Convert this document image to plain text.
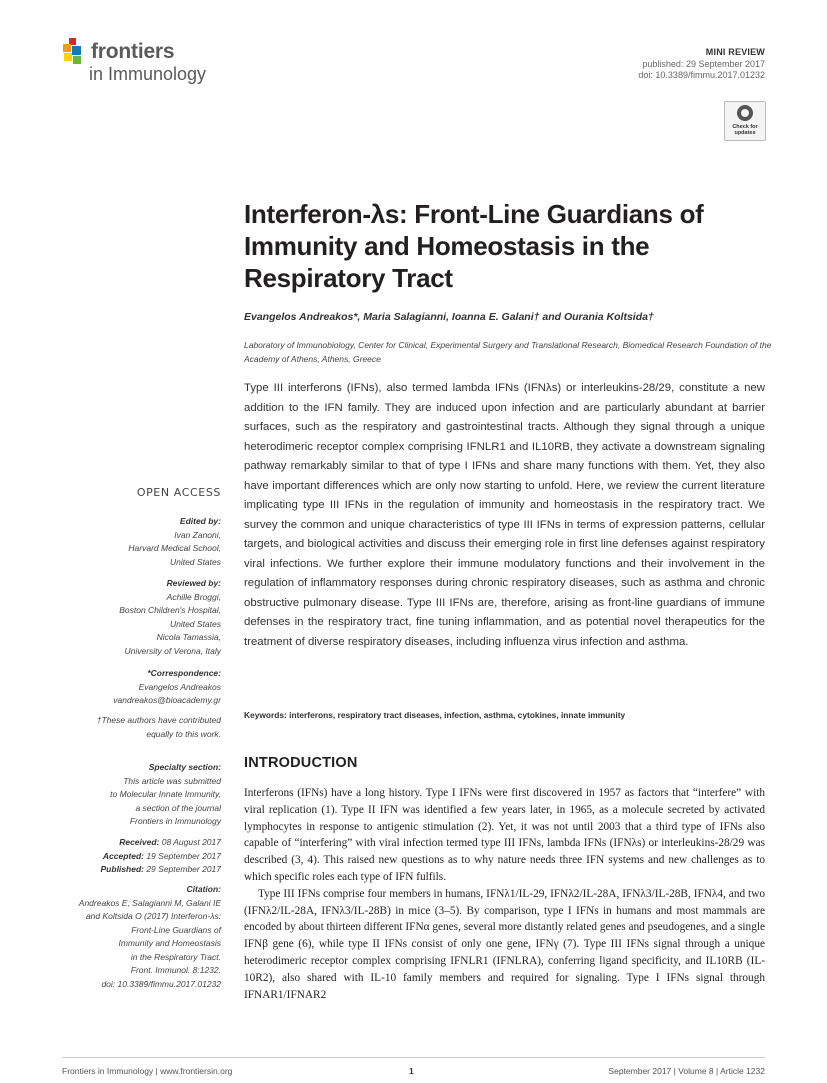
frontiers
in Immunology
MINI REVIEW
published: 29 September 2017
doi: 10.3389/fimmu.2017.01232
Check for
updates
Interferon-λs: Front-Line Guardians of Immunity and Homeostasis in the Respiratory Tract
Evangelos Andreakos*, Maria Salagianni, Ioanna E. Galani† and Ourania Koltsida†
Laboratory of Immunobiology, Center for Clinical, Experimental Surgery and Translational Research, Biomedical Research Foundation of the Academy of Athens, Athens, Greece
Type III interferons (IFNs), also termed lambda IFNs (IFNλs) or interleukins-28/29, constitute a new addition to the IFN family. They are induced upon infection and are particularly abundant at barrier surfaces, such as the respiratory and gastrointestinal tracts. Although they signal through a unique heterodimeric receptor complex comprising IFNLR1 and IL10RB, they activate a downstream signaling pathway remarkably similar to that of type I IFNs and share many functions with them. Yet, they also have important differences which are only now starting to unfold. Here, we review the current literature implicating type III IFNs in the regulation of immunity and homeostasis in the respiratory tract. We survey the common and unique characteristics of type III IFNs in terms of expression patterns, cellular targets, and biological activities and discuss their emerging role in first line defenses against respiratory viral infections. We further explore their immune modulatory functions and their involvement in the regulation of inflammatory responses during chronic respiratory diseases, such as asthma and chronic obstructive pulmonary disease. Type III IFNs are, therefore, arising as front-line guardians of immune defenses in the respiratory tract, fine tuning inflammation, and as potential novel therapeutics for the treatment of diverse respiratory diseases, including influenza virus infection and asthma.
Keywords: interferons, respiratory tract diseases, infection, asthma, cytokines, innate immunity
OPEN ACCESS
Edited by:
Ivan Zanoni,
Harvard Medical School,
United States
Reviewed by:
Achille Broggi,
Boston Children's Hospital,
United States
Nicola Tamassia,
University of Verona, Italy
*Correspondence:
Evangelos Andreakos
vandreakos@bioacademy.gr
†These authors have contributed
equally to this work.
Specialty section:
This article was submitted
to Molecular Innate Immunity,
a section of the journal
Frontiers in Immunology
Received: 08 August 2017
Accepted: 19 September 2017
Published: 29 September 2017
Citation:
Andreakos E, Salagianni M, Galani IE
and Koltsida O (2017) Interferon-λs:
Front-Line Guardians of
Immunity and Homeostasis
in the Respiratory Tract.
Front. Immunol. 8:1232.
doi: 10.3389/fimmu.2017.01232
INTRODUCTION

Interferons (IFNs) have a long history. Type I IFNs were first discovered in 1957 as factors that “interfere” with viral replication (1). Type II IFN was identified a few years later, in 1965, as a molecule secreted by activated lymphocytes in response to antigenic stimulation (2). Yet, it was not until 2003 that a third type of IFNs also capable of “interfering” with viral infection termed type III IFNs, lambda IFNs (IFNλs) or interleukins-28/29 was described (3, 4). This raised new questions as to why nature needs three IFN systems and new challenges as to which specific roles each type of IFN fulfils.

Type III IFNs comprise four members in humans, IFNλ1/IL-29, IFNλ2/IL-28A, IFNλ3/IL-28B, IFNλ4, and two (IFNλ2/IL-28A, IFNλ3/IL-28B) in mice (3–5). By comparison, type I IFNs in humans and most mammals are encoded by about thirteen different IFNα genes, several more distantly related genes and pseudogenes, and a single IFNβ gene (6), while type II IFNs consist of only one gene, IFNγ (7). Type III IFNs signal through a unique heterodimeric receptor complex comprising IFNLR1 (IFNLRA), conferring ligand specificity, and IL10RB (IL-10R2), also shared with IL-10 family members and required for signaling. Type I IFNs signal through IFNAR1/IFNAR2

Frontiers in Immunology | www.frontiersin.org	1	September 2017 | Volume 8 | Article 1232
